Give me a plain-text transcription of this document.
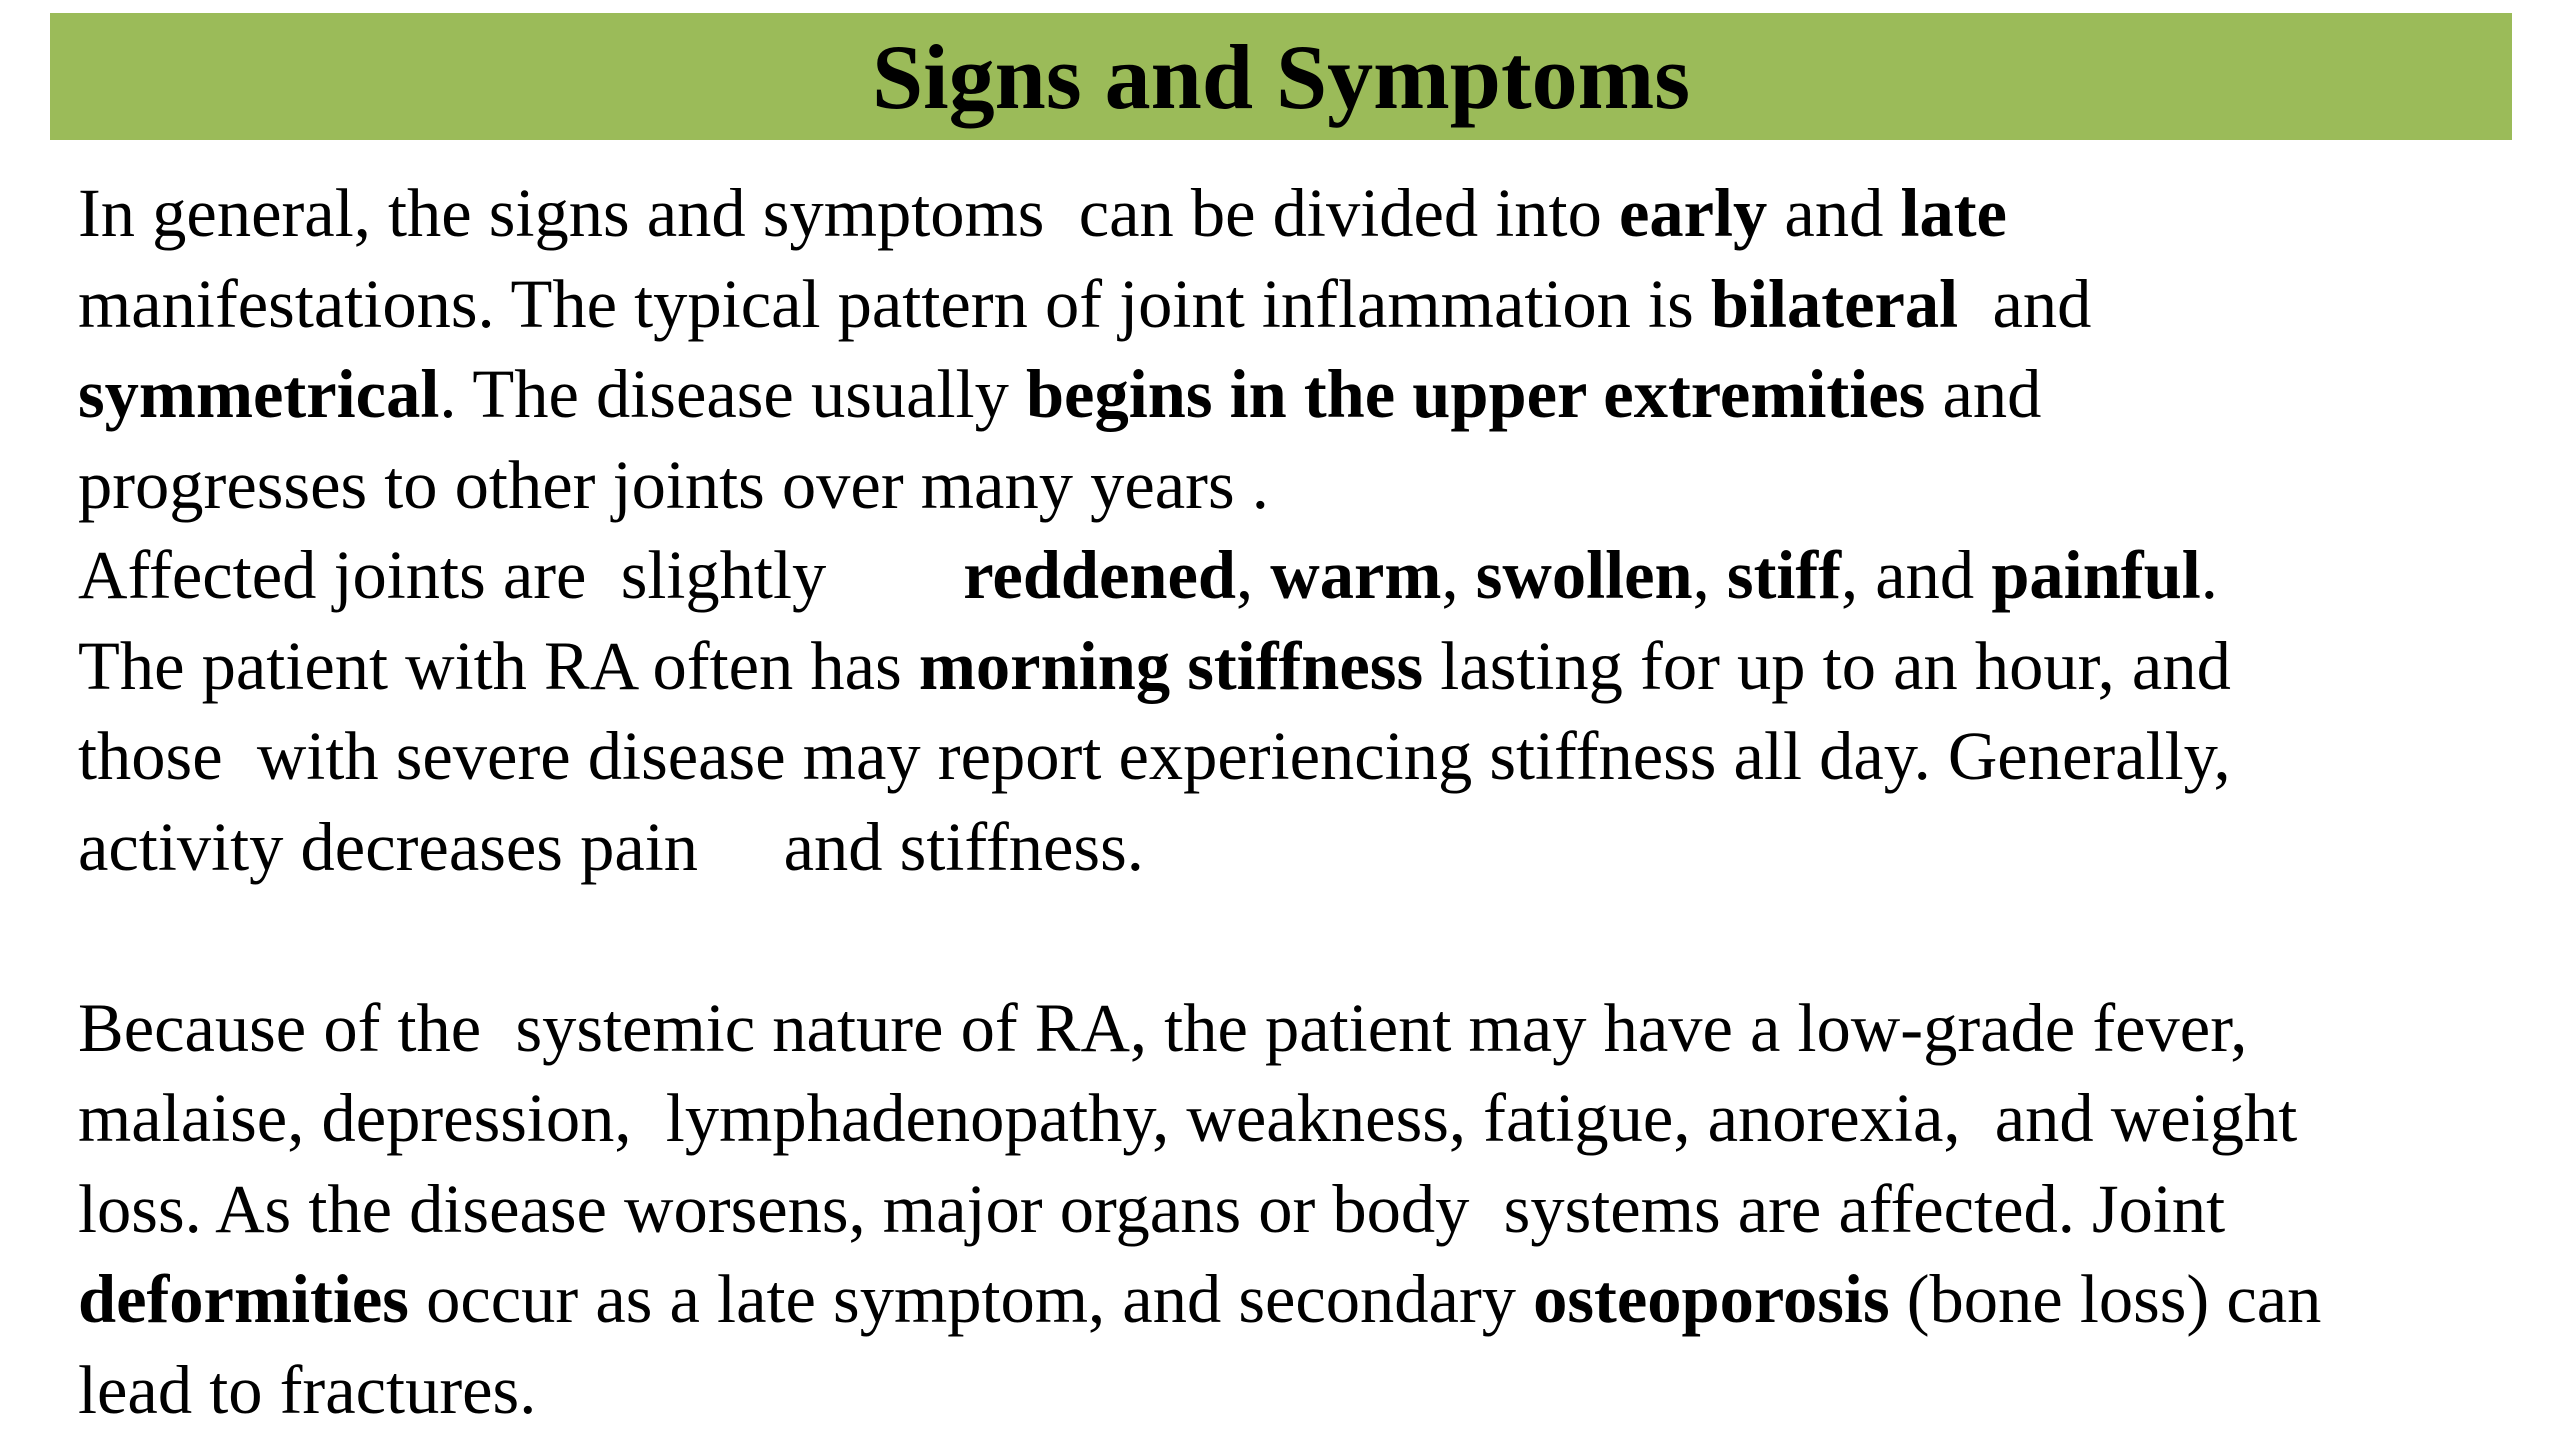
Signs and Symptoms
In general, the signs and symptoms  can be divided into early and late
manifestations. The typical pattern of joint inflammation is bilateral  and
symmetrical. The disease usually begins in the upper extremities and
progresses to other joints over many years .
Affected joints are  slightly        reddened, warm, swollen, stiff, and painful.
The patient with RA often has morning stiffness lasting for up to an hour, and
those  with severe disease may report experiencing stiffness all day. Generally,
activity decreases pain     and stiffness.
Because of the  systemic nature of RA, the patient may have a low-grade fever,
malaise, depression,  lymphadenopathy, weakness, fatigue, anorexia,  and weight
loss. As the disease worsens, major organs or body  systems are affected. Joint
deformities occur as a late symptom, and secondary osteoporosis (bone loss) can
lead to fractures.
